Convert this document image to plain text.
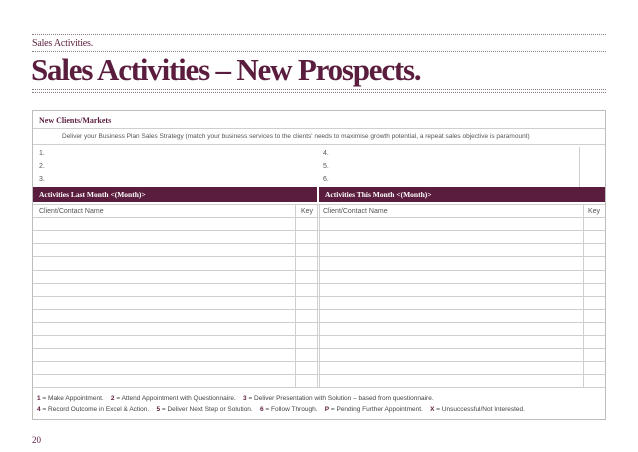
Sales Activities.
Sales Activities – New Prospects.
New Clients/Markets
Deliver your Business Plan Sales Strategy (match your business services to the clients' needs to maximise growth potential, a repeat sales objective is paramount)
1.
2.
3.
4.
5.
6.
Activities Last Month <(Month)>	Activities This Month <(Month)>
Client/Contact Name	Key Client/Contact Name	Key
1 = Make Appointment. 2 = Attend Appointment with Questionnaire. 3 = Deliver Presentation with Solution – based from questionnaire.
4 = Record Outcome in Excel & Action. 5 = Deliver Next Step or Solution. 6 = Follow Through. P = Pending Further Appointment. X = Unsuccessful/Not Interested.
20
